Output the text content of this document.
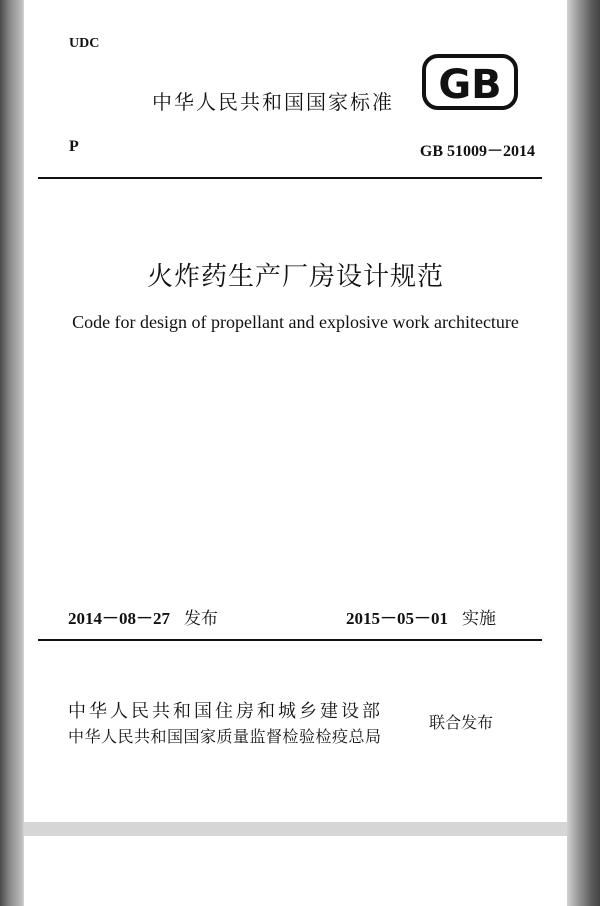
UDC
中华人民共和国国家标准 GB
P	GB 51009－2014
火炸药生产厂房设计规范
Code for design of propellant and explosive work architecture
2014－08－27 发布	2015－05－01 实施
中华人民共和国住房和城乡建设部
中华人民共和国国家质量监督检验检疫总局
联合发布
